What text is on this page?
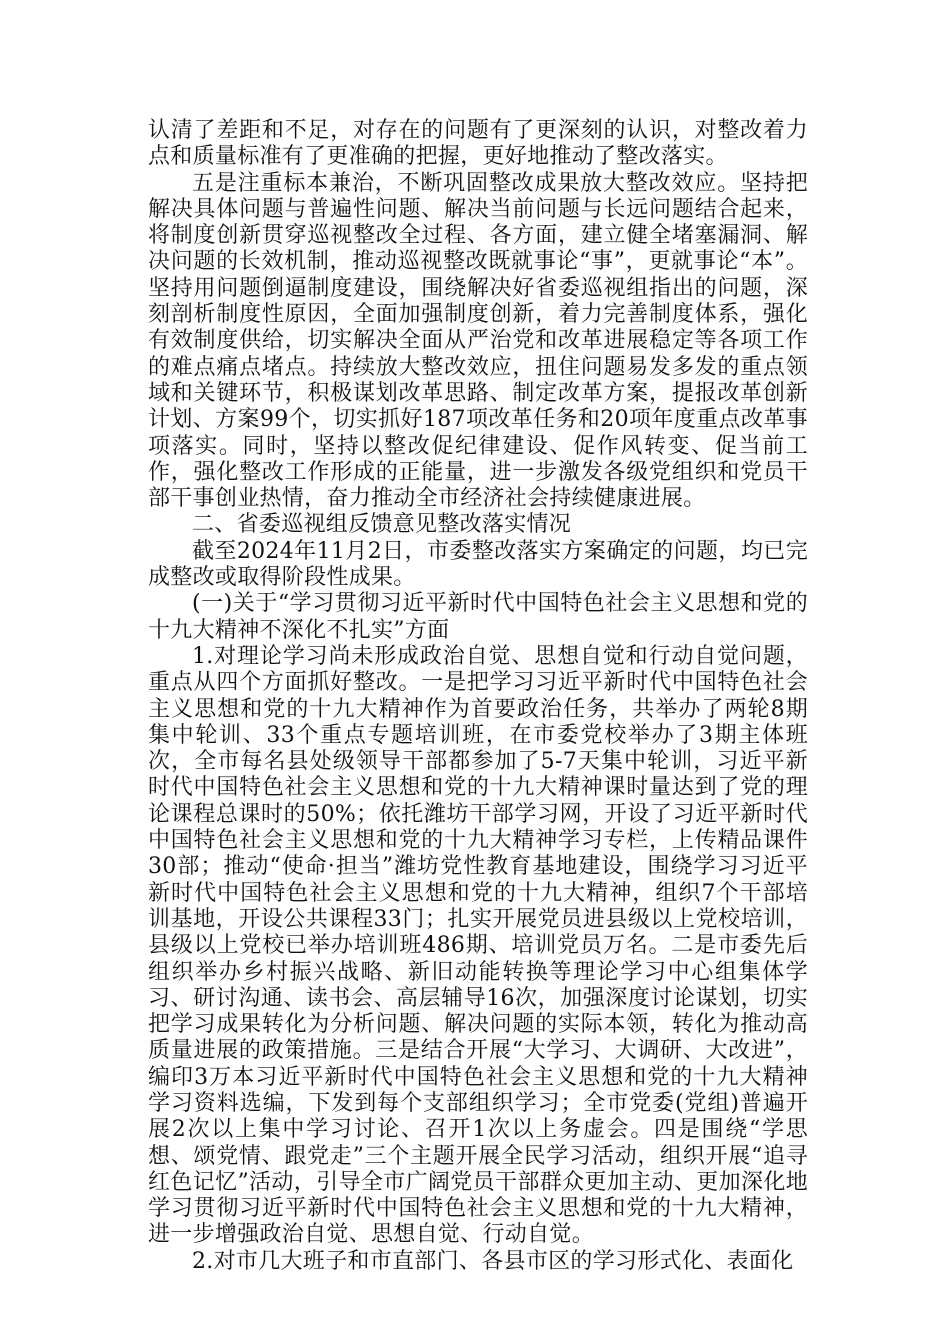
认清了差距和不足，对存在的问题有了更深刻的认识，对整改着力点和质量标准有了更准确的把握，更好地推动了整改落实。

五是注重标本兼治，不断巩固整改成果放大整改效应。坚持把解决具体问题与普遍性问题、解决当前问题与长远问题结合起来，将制度创新贯穿巡视整改全过程、各方面，建立健全堵塞漏洞、解决问题的长效机制，推动巡视整改既就事论“事”，更就事论“本”。坚持用问题倒逼制度建设，围绕解决好省委巡视组指出的问题，深刻剖析制度性原因，全面加强制度创新，着力完善制度体系，强化有效制度供给，切实解决全面从严治党和改革进展稳定等各项工作的难点痛点堵点。持续放大整改效应，扭住问题易发多发的重点领域和关键环节，积极谋划改革思路、制定改革方案，提报改革创新计划、方案99个，切实抓好187项改革任务和20项年度重点改革事项落实。同时，坚持以整改促纪律建设、促作风转变、促当前工作，强化整改工作形成的正能量，进一步激发各级党组织和党员干部干事创业热情，奋力推动全市经济社会持续健康进展。

二、省委巡视组反馈意见整改落实情况

截至2024年11月2日，市委整改落实方案确定的问题，均已完成整改或取得阶段性成果。

(一)关于“学习贯彻习近平新时代中国特色社会主义思想和党的十九大精神不深化不扎实”方面

1.对理论学习尚未形成政治自觉、思想自觉和行动自觉问题，重点从四个方面抓好整改。一是把学习习近平新时代中国特色社会主义思想和党的十九大精神作为首要政治任务，共举办了两轮8期集中轮训、33个重点专题培训班，在市委党校举办了3期主体班次，全市每名县处级领导干部都参加了5-7天集中轮训，习近平新时代中国特色社会主义思想和党的十九大精神课时量达到了党的理论课程总课时的50%；依托潍坊干部学习网，开设了习近平新时代中国特色社会主义思想和党的十九大精神学习专栏，上传精品课件30部；推动“使命·担当”潍坊党性教育基地建设，围绕学习习近平新时代中国特色社会主义思想和党的十九大精神，组织7个干部培训基地，开设公共课程33门；扎实开展党员进县级以上党校培训，县级以上党校已举办培训班486期、培训党员万名。二是市委先后组织举办乡村振兴战略、新旧动能转换等理论学习中心组集体学习、研讨沟通、读书会、高层辅导16次，加强深度讨论谋划，切实把学习成果转化为分析问题、解决问题的实际本领，转化为推动高质量进展的政策措施。三是结合开展“大学习、大调研、大改进”，编印3万本习近平新时代中国特色社会主义思想和党的十九大精神学习资料选编，下发到每个支部组织学习；全市党委(党组)普遍开展2次以上集中学习讨论、召开1次以上务虚会。四是围绕“学思想、颂党情、跟党走”三个主题开展全民学习活动，组织开展“追寻红色记忆”活动，引导全市广阔党员干部群众更加主动、更加深化地学习贯彻习近平新时代中国特色社会主义思想和党的十九大精神，进一步增强政治自觉、思想自觉、行动自觉。

2.对市几大班子和市直部门、各县市区的学习形式化、表面化
